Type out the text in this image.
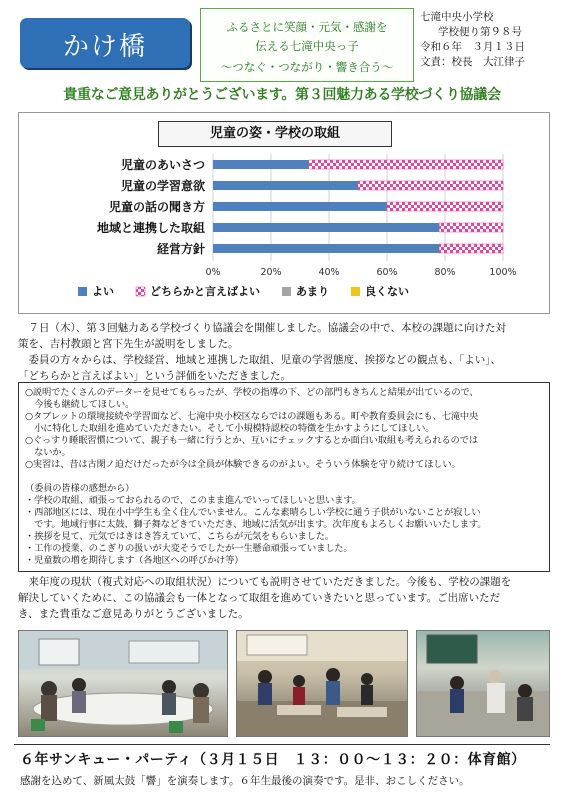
かけ橋
ふるさとに笑顔・元気・感謝を
伝える七滝中央っ子
〜つなぐ・つながり・響き合う〜
七滝中央小学校
学校便り第９８号
令和６年　３月１３日
文責：校長　大江律子
貴重なご意見ありがとうございます。第３回魅力ある学校づくり協議会
児童の姿・学校の取組
0%	20%	40%	60%	80%	100%
児童のあいさつ
児童の学習意欲
児童の話の聞き方
地域と連携した取組
経営方針
よい	どちらかと言えばよい	あまり	良くない
　７日（木）、第３回魅力ある学校づくり協議会を開催しました。協議会の中で、本校の課題に向けた対
策を、吉村教頭と宮下先生が説明をしました。
　委員の方々からは、学校経営、地域と連携した取組、児童の学習態度、挨拶などの観点も、「よい」、
「どちらかと言えばよい」という評価をいただきました。
○説明でたくさんのデーターを見せてもらったが、学校の指導の下、どの部門もきちんと結果が出ているので、
　今後も継続してほしい。
○タブレットの環境接続や学習面など、七滝中央小校区ならではの課題もある。町や教育委員会にも、七滝中央
　小に特化した取組を進めていただきたい。そして小規模特認校の特徴を生かすようにしてほしい。
○ぐっすり睡眠習慣について、親子も一緒に行うとか、互いにチェックするとか面白い取組も考えられるのでは
　ないか。
○実習は、昔は古閑ノ迫だけだったが今は全員が体験できるのがよい。そういう体験を守り続けてほしい。
（委員の皆様の感想から）
・学校の取組、頑張っておられるので、このまま進んでいってほしいと思います。
・西部地区には、現在小中学生も全く住んでいません。こんな素晴らしい学校に通う子供がいないことが寂しい
　です。地域行事に太鼓、獅子舞などきていただき、地域に活気が出ます。次年度もよろしくお願いいたします。
・挨拶を見て、元気ではきはき答えていて、こちらが元気をもらいました。
・工作の授業、のこぎりの扱いが大変そうでしたが一生懸命頑張っていました。
・児童数の増を期待します（各地区への呼びかけ等）
　来年度の現状（複式対応への取組状況）についても説明させていただきました。今後も、学校の課題を
解決していくために、この協議会も一体となって取組を進めていきたいと思っています。ご出席いただ
き、また貴重なご意見ありがとうございました。
６年サンキュー・パーティ（３月１５日　１３：００〜１３：２０：体育館）
感謝を込めて、新風太鼓「響」を演奏します。６年生最後の演奏です。是非、おこしください。
